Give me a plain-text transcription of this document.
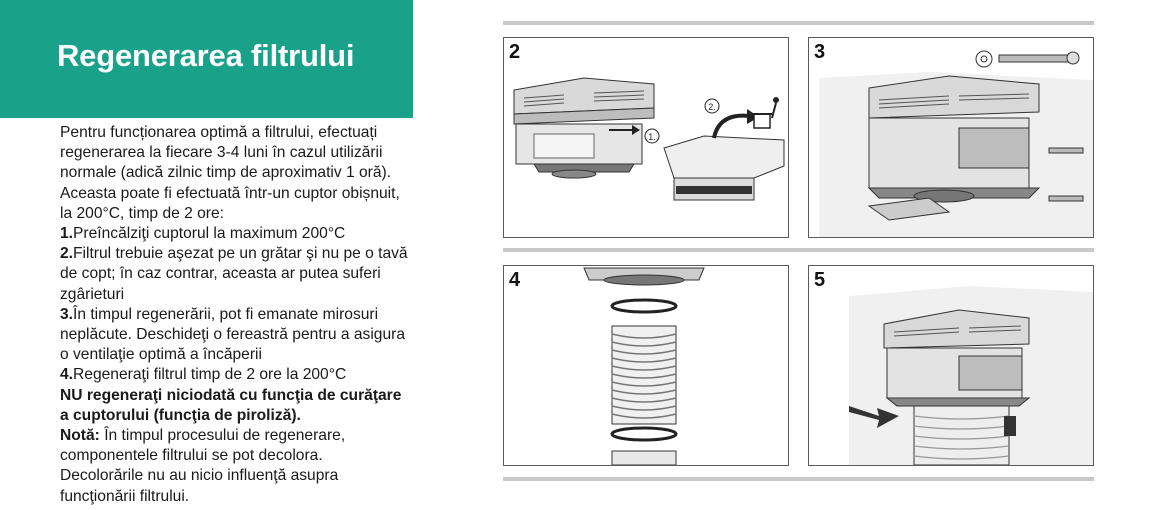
Regenerarea filtrului

Pentru funcționarea optimă a filtrului, efectuați regenerarea la fiecare 3-4 luni în cazul utilizării normale (adică zilnic timp de aproximativ 1 oră). Aceasta poate fi efectuată într-un cuptor obișnuit, la 200°C, timp de 2 ore:

1.Preîncălziţi cuptorul la maximum 200°C

2.Filtrul trebuie aşezat pe un grătar şi nu pe o tavă de copt; în caz contrar, aceasta ar putea suferi zgârieturi

3.În timpul regenerării, pot fi emanate mirosuri neplăcute. Deschideţi o fereastră pentru a asigura o ventilaţie optimă a încăperii

4.Regeneraţi filtrul timp de 2 ore la 200°C

NU regeneraţi niciodată cu funcţia de curăţare a cuptorului (funcţia de piroliză).

Notă: În timpul procesului de regenerare, componentele filtrului se pot decolora. Decolorările nu au nicio influenţă asupra funcţionării filtrului.

2
1.
2.
3
4	5
